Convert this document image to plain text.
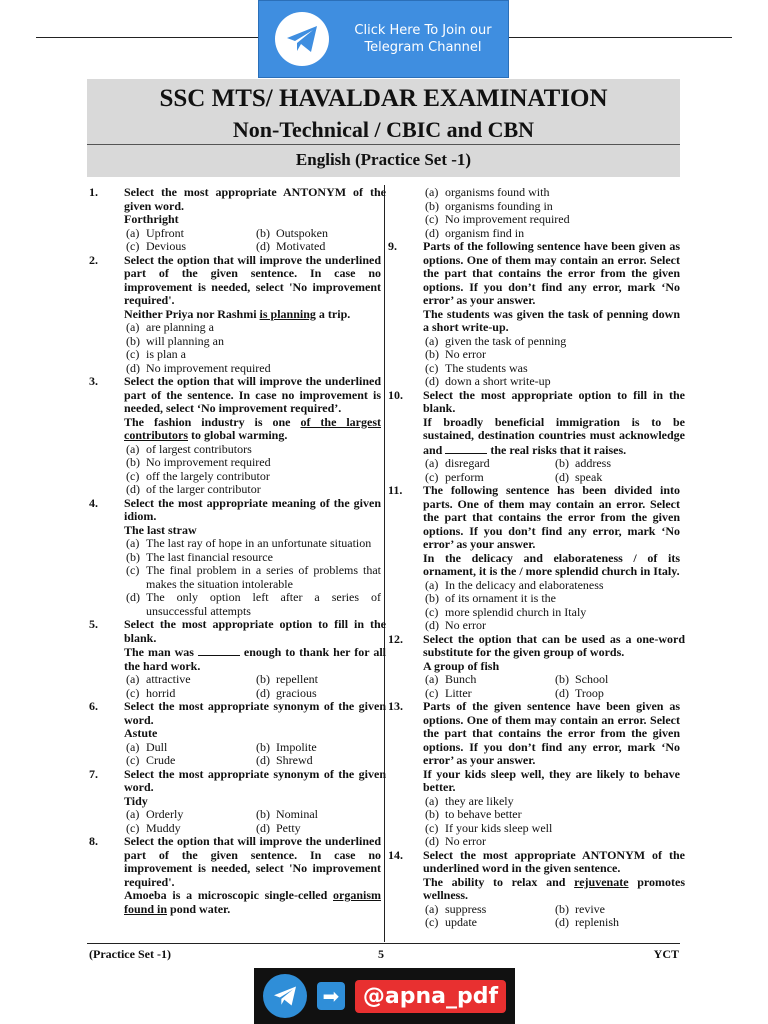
Click Here To Join our
Telegram Channel
SSC MTS/ HAVALDAR EXAMINATION
Non-Technical / CBIC and CBN
English (Practice Set -1)
1.	Select the most appropriate ANTONYM of the given word.
Forthright
(a) Upfront	(b) Outspoken
(c) Devious	(d) Motivated
2.	Select the option that will improve the underlined part of the given sentence. In case no improvement is needed, select 'No improvement required'.
Neither Priya nor Rashmi is planning a trip.
(a) are planning a
(b) will planning an
(c) is plan a
(d) No improvement required
3.	Select the option that will improve the underlined part of the sentence. In case no improvement is needed, select ‘No improvement required’.
The fashion industry is one of the largest contributors to global warming.
(a) of largest contributors
(b) No improvement required
(c) off the largely contributor
(d) of the larger contributor
4.	Select the most appropriate meaning of the given idiom.
The last straw
(a) The last ray of hope in an unfortunate situation
(b) The last financial resource
(c) The final problem in a series of problems that makes the situation intolerable
(d) The only option left after a series of unsuccessful attempts
5.	Select the most appropriate option to fill in the blank.
The man was	enough to thank her for all the hard work.
(a) attractive	(b) repellent
(c) horrid	(d) gracious
6.	Select the most appropriate synonym of the given word.
Astute
(a) Dull	(b) Impolite
(c) Crude	(d) Shrewd
7.	Select the most appropriate synonym of the given word.
Tidy
(a) Orderly	(b) Nominal
(c) Muddy	(d) Petty
8.	Select the option that will improve the underlined part of the given sentence. In case no improvement is needed, select 'No improvement required'.
Amoeba is a microscopic single-celled organism found in pond water.
(a) organisms found with
(b) organisms founding in
(c) No improvement required
(d) organism find in
9.	Parts of the following sentence have been given as options. One of them may contain an error. Select the part that contains the error from the given options. If you don’t find any error, mark ‘No error’ as your answer.
The students was given the task of penning down a short write-up.
(a) given the task of penning
(b) No error
(c) The students was
(d) down a short write-up
10.	Select the most appropriate option to fill in the blank.
If broadly beneficial immigration is to be sustained, destination countries must acknowledge and	the real risks that it raises.
(a) disregard	(b) address
(c) perform	(d) speak
11.	The following sentence has been divided into parts. One of them may contain an error. Select the part that contains the error from the given options. If you don’t find any error, mark ‘No error’ as your answer.
In the delicacy and elaborateness / of its ornament, it is the / more splendid church in Italy.
(a) In the delicacy and elaborateness
(b) of its ornament it is the
(c) more splendid church in Italy
(d) No error
12.	Select the option that can be used as a one-word substitute for the given group of words.
A group of fish
(a) Bunch	(b) School
(c) Litter	(d) Troop
13.	Parts of the given sentence have been given as options. One of them may contain an error. Select the part that contains the error from the given options. If you don’t find any error, mark ‘No error’ as your answer.
If your kids sleep well, they are likely to behave better.
(a) they are likely
(b) to behave better
(c) If your kids sleep well
(d) No error
14.	Select the most appropriate ANTONYM of the underlined word in the given sentence.
The ability to relax and rejuvenate promotes wellness.
(a) suppress	(b) revive
(c) update	(d) replenish
(Practice Set -1)	5	YCT
➡	@apna_pdf
